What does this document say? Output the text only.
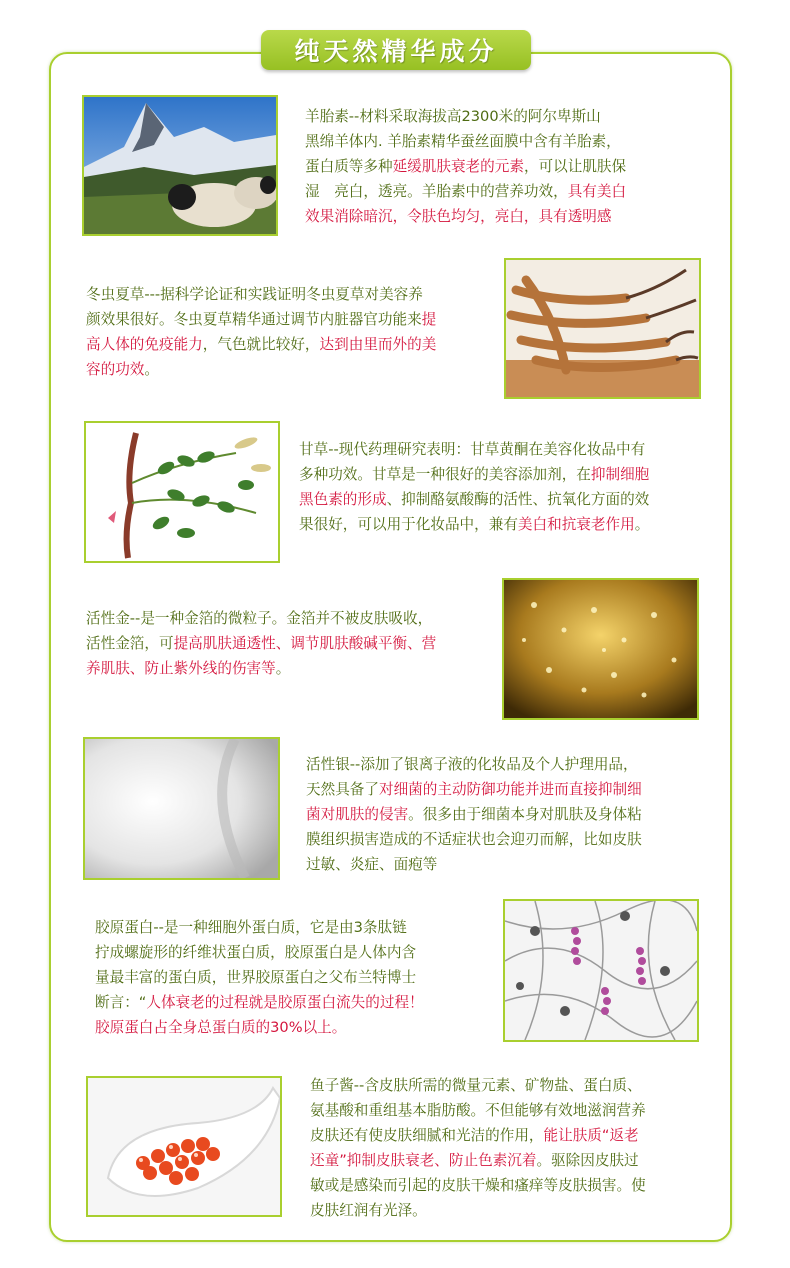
纯天然精华成分
羊胎素--材料采取海拔高2300米的阿尔卑斯山
黑绵羊体内. 羊胎素精华蚕丝面膜中含有羊胎素，
蛋白质等多种延缓肌肤衰老的元素，可以让肌肤保
湿　亮白，透亮。羊胎素中的营养功效，具有美白
效果消除暗沉，令肤色均匀，亮白，具有透明感
冬虫夏草---据科学论证和实践证明冬虫夏草对美容养
颜效果很好。冬虫夏草精华通过调节内脏器官功能来提
高人体的免疫能力，气色就比较好，达到由里而外的美
容的功效。
甘草--现代药理研究表明：甘草黄酮在美容化妆品中有
多种功效。甘草是一种很好的美容添加剂，在抑制细胞
黑色素的形成、抑制酪氨酸酶的活性、抗氧化方面的效
果很好，可以用于化妆品中，兼有美白和抗衰老作用。
活性金--是一种金箔的微粒子。金箔并不被皮肤吸收，
活性金箔，可提高肌肤通透性、调节肌肤酸碱平衡、营
养肌肤、防止紫外线的伤害等。
活性银--添加了银离子液的化妆品及个人护理用品，
天然具备了对细菌的主动防御功能并进而直接抑制细
菌对肌肤的侵害。很多由于细菌本身对肌肤及身体粘
膜组织损害造成的不适症状也会迎刃而解，比如皮肤
过敏、炎症、面疱等
胶原蛋白--是一种细胞外蛋白质，它是由3条肽链
拧成螺旋形的纤维状蛋白质，胶原蛋白是人体内含
量最丰富的蛋白质，世界胶原蛋白之父布兰特博士
断言：“人体衰老的过程就是胶原蛋白流失的过程！
胶原蛋白占全身总蛋白质的30%以上。
鱼子酱--含皮肤所需的微量元素、矿物盐、蛋白质、
氨基酸和重组基本脂肪酸。不但能够有效地滋润营养
皮肤还有使皮肤细腻和光洁的作用，能让肤质“返老
还童”抑制皮肤衰老、防止色素沉着。驱除因皮肤过
敏或是感染而引起的皮肤干燥和瘙痒等皮肤损害。使
皮肤红润有光泽。
